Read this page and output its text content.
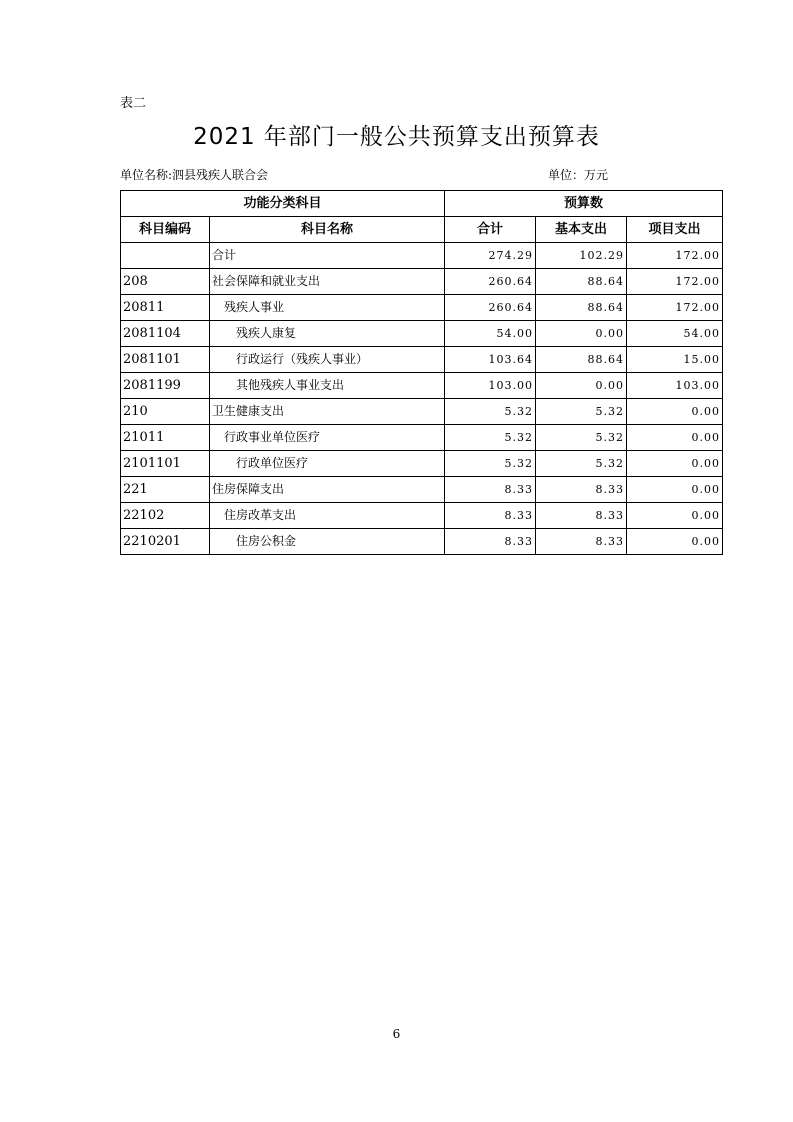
表二
2021 年部门一般公共预算支出预算表
单位名称:泗县残疾人联合会	单位：万元
功能分类科目		预算数		
科目编码	科目名称	合计	基本支出	项目支出
	合计	274.29	102.29	172.00
208	社会保障和就业支出	260.64	88.64	172.00
20811	残疾人事业	260.64	88.64	172.00
2081104	残疾人康复	54.00	0.00	54.00
2081101	行政运行（残疾人事业）	103.64	88.64	15.00
2081199	其他残疾人事业支出	103.00	0.00	103.00
210	卫生健康支出	5.32	5.32	0.00
21011	行政事业单位医疗	5.32	5.32	0.00
2101101	行政单位医疗	5.32	5.32	0.00
221	住房保障支出	8.33	8.33	0.00
22102	住房改革支出	8.33	8.33	0.00
2210201	住房公积金	8.33	8.33	0.00
6
